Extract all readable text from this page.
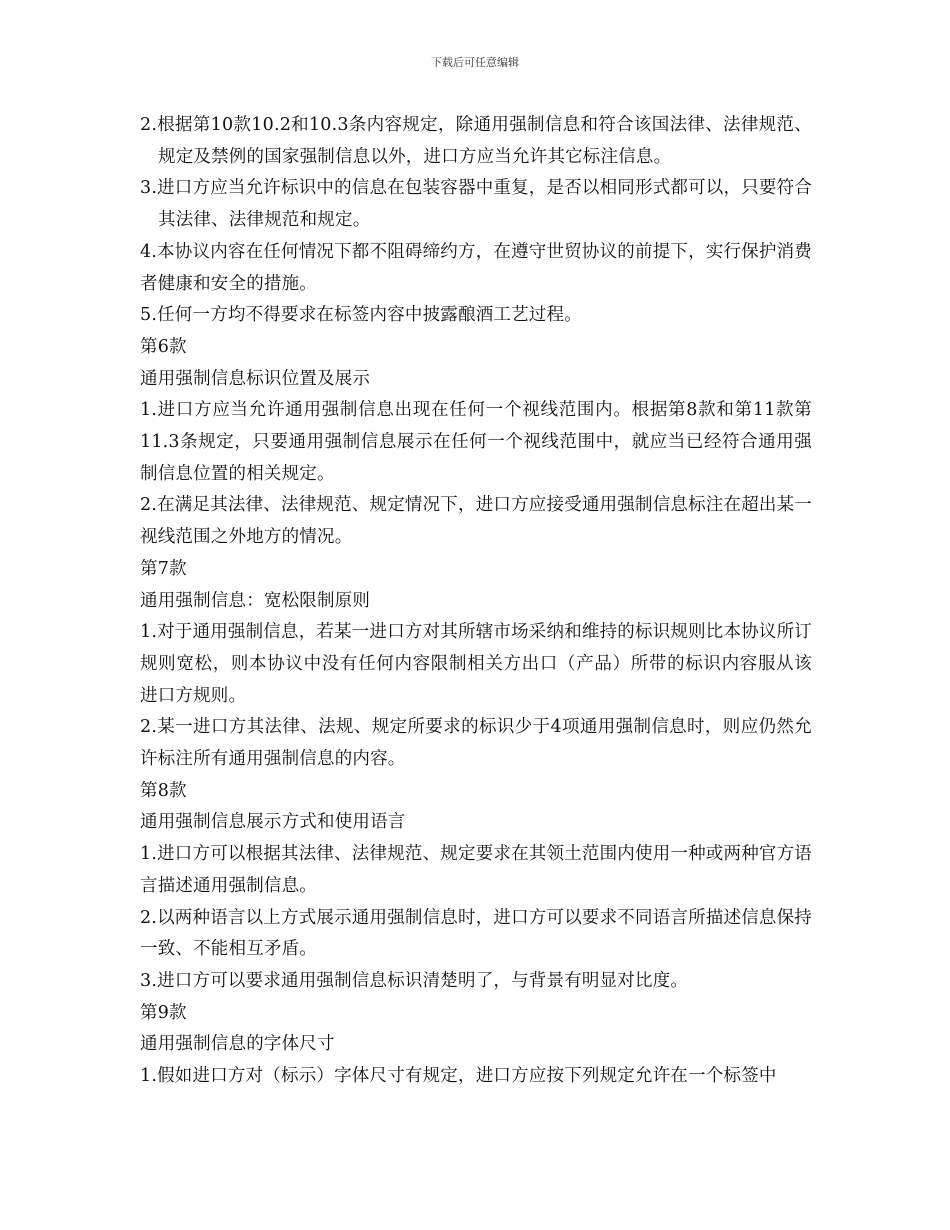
下载后可任意编辑

2.根据第10款10.2和10.3条内容规定，除通用强制信息和符合该国法律、法律规范、规定及禁例的国家强制信息以外，进口方应当允许其它标注信息。

3.进口方应当允许标识中的信息在包装容器中重复，是否以相同形式都可以，只要符合其法律、法律规范和规定。

4.本协议内容在任何情况下都不阻碍缔约方，在遵守世贸协议的前提下，实行保护消费者健康和安全的措施。

5.任何一方均不得要求在标签内容中披露酿酒工艺过程。

第6款

通用强制信息标识位置及展示

1.进口方应当允许通用强制信息出现在任何一个视线范围内。根据第8款和第11款第11.3条规定，只要通用强制信息展示在任何一个视线范围中，就应当已经符合通用强制信息位置的相关规定。

2.在满足其法律、法律规范、规定情况下，进口方应接受通用强制信息标注在超出某一视线范围之外地方的情况。

第7款

通用强制信息：宽松限制原则

1.对于通用强制信息，若某一进口方对其所辖市场采纳和维持的标识规则比本协议所订规则宽松，则本协议中没有任何内容限制相关方出口（产品）所带的标识内容服从该进口方规则。

2.某一进口方其法律、法规、规定所要求的标识少于4项通用强制信息时，则应仍然允许标注所有通用强制信息的内容。

第8款

通用强制信息展示方式和使用语言

1.进口方可以根据其法律、法律规范、规定要求在其领土范围内使用一种或两种官方语言描述通用强制信息。

2.以两种语言以上方式展示通用强制信息时，进口方可以要求不同语言所描述信息保持一致、不能相互矛盾。

3.进口方可以要求通用强制信息标识清楚明了，与背景有明显对比度。

第9款

通用强制信息的字体尺寸

1.假如进口方对（标示）字体尺寸有规定，进口方应按下列规定允许在一个标签中
